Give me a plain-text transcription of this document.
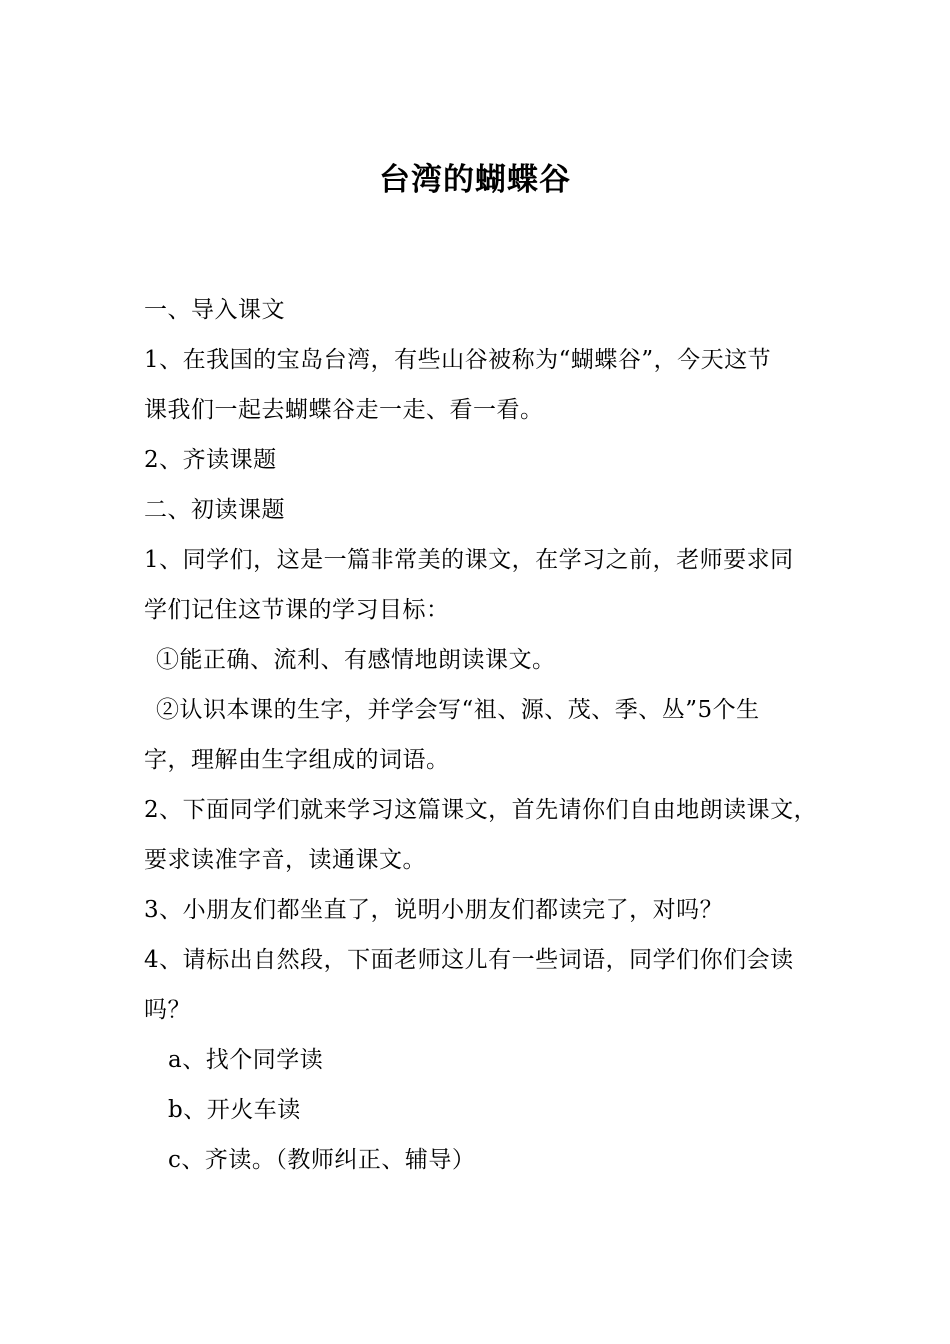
台湾的蝴蝶谷
一、导入课文
1、在我国的宝岛台湾，有些山谷被称为“蝴蝶谷”，今天这节
课我们一起去蝴蝶谷走一走、看一看。
2、齐读课题
二、初读课题
1、同学们，这是一篇非常美的课文，在学习之前，老师要求同
学们记住这节课的学习目标：
①能正确、流利、有感情地朗读课文。
②认识本课的生字，并学会写“祖、源、茂、季、丛”5个生
字，理解由生字组成的词语。
2、下面同学们就来学习这篇课文，首先请你们自由地朗读课文，
要求读准字音，读通课文。
3、小朋友们都坐直了，说明小朋友们都读完了，对吗？
4、请标出自然段，下面老师这儿有一些词语，同学们你们会读
吗？
a、找个同学读
b、开火车读
c、齐读。（教师纠正、辅导）
